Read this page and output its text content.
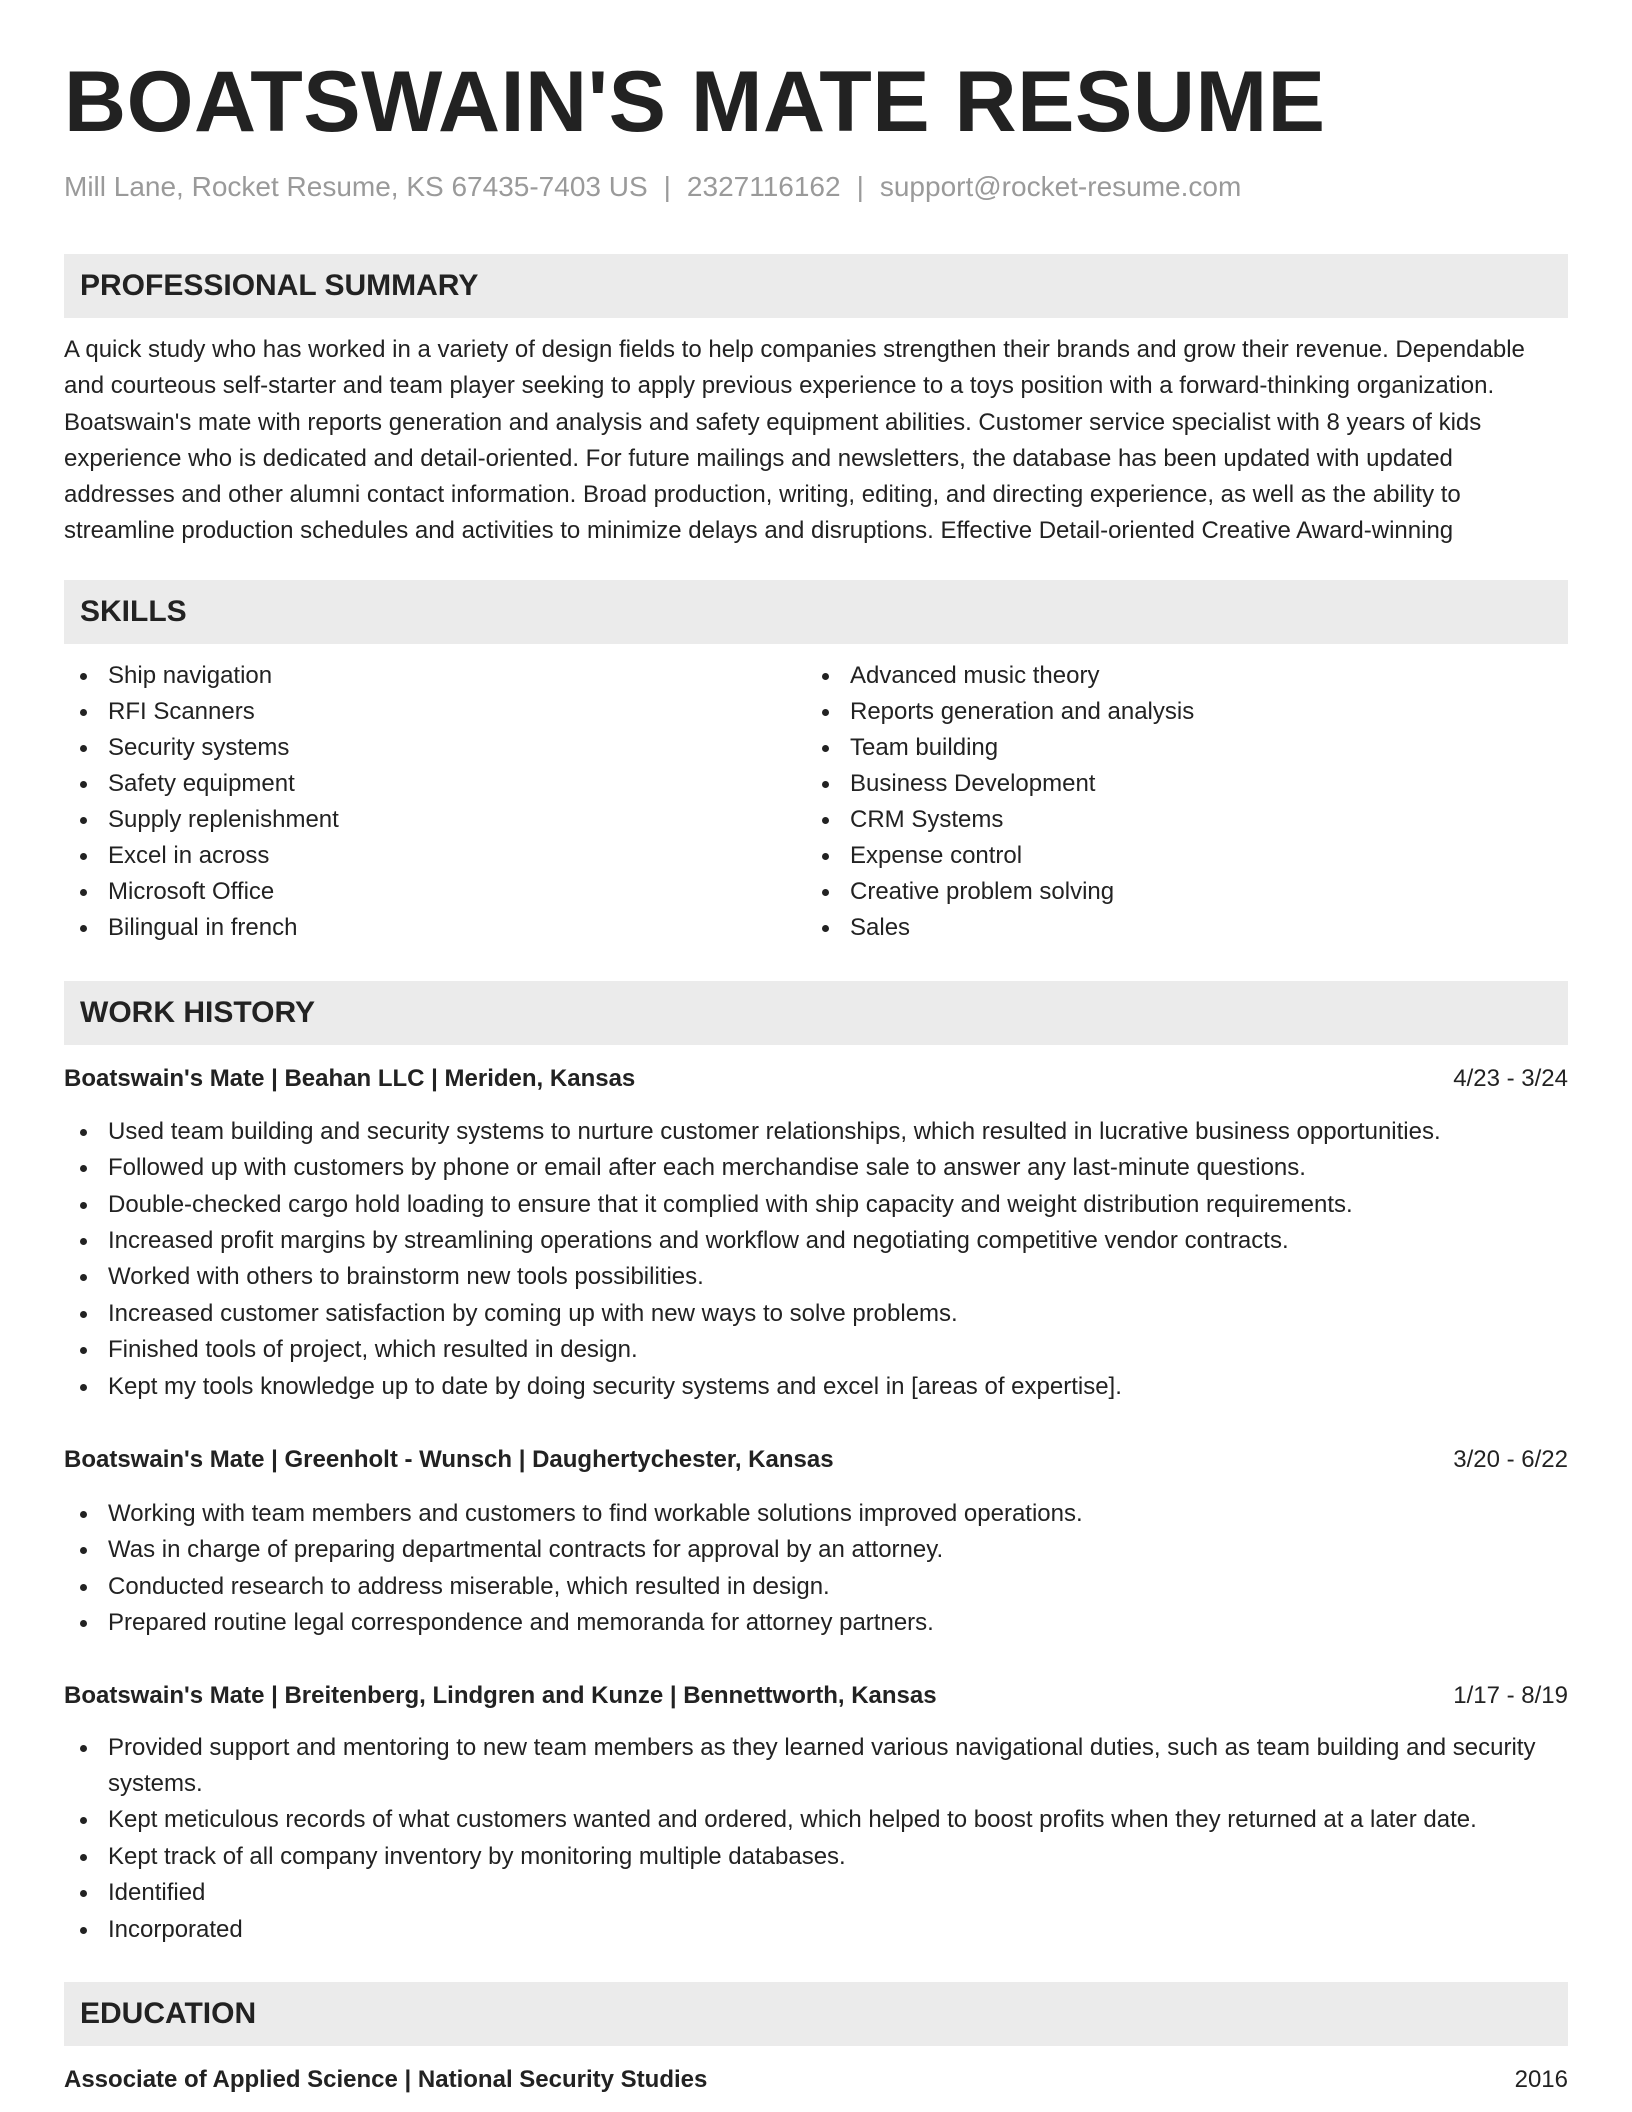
BOATSWAIN'S MATE RESUME
Mill Lane, Rocket Resume, KS 67435-7403 US | 2327116162 | support@rocket-resume.com
PROFESSIONAL SUMMARY
A quick study who has worked in a variety of design fields to help companies strengthen their brands and grow their revenue. Dependable and courteous self-starter and team player seeking to apply previous experience to a toys position with a forward-thinking organization. Boatswain's mate with reports generation and analysis and safety equipment abilities. Customer service specialist with 8 years of kids experience who is dedicated and detail-oriented. For future mailings and newsletters, the database has been updated with updated addresses and other alumni contact information. Broad production, writing, editing, and directing experience, as well as the ability to streamline production schedules and activities to minimize delays and disruptions. Effective Detail-oriented Creative Award-winning
SKILLS
Ship navigation
RFI Scanners
Security systems
Safety equipment
Supply replenishment
Excel in across
Microsoft Office
Bilingual in french
Advanced music theory
Reports generation and analysis
Team building
Business Development
CRM Systems
Expense control
Creative problem solving
Sales
WORK HISTORY
Boatswain's Mate | Beahan LLC | Meriden, Kansas	4/23 - 3/24
Used team building and security systems to nurture customer relationships, which resulted in lucrative business opportunities.
Followed up with customers by phone or email after each merchandise sale to answer any last-minute questions.
Double-checked cargo hold loading to ensure that it complied with ship capacity and weight distribution requirements.
Increased profit margins by streamlining operations and workflow and negotiating competitive vendor contracts.
Worked with others to brainstorm new tools possibilities.
Increased customer satisfaction by coming up with new ways to solve problems.
Finished tools of project, which resulted in design.
Kept my tools knowledge up to date by doing security systems and excel in [areas of expertise].
Boatswain's Mate | Greenholt - Wunsch | Daughertychester, Kansas	3/20 - 6/22
Working with team members and customers to find workable solutions improved operations.
Was in charge of preparing departmental contracts for approval by an attorney.
Conducted research to address miserable, which resulted in design.
Prepared routine legal correspondence and memoranda for attorney partners.
Boatswain's Mate | Breitenberg, Lindgren and Kunze | Bennettworth, Kansas	1/17 - 8/19
Provided support and mentoring to new team members as they learned various navigational duties, such as team building and security systems.
Kept meticulous records of what customers wanted and ordered, which helped to boost profits when they returned at a later date.
Kept track of all company inventory by monitoring multiple databases.
Identified
Incorporated
EDUCATION
Associate of Applied Science | National Security Studies	2016
